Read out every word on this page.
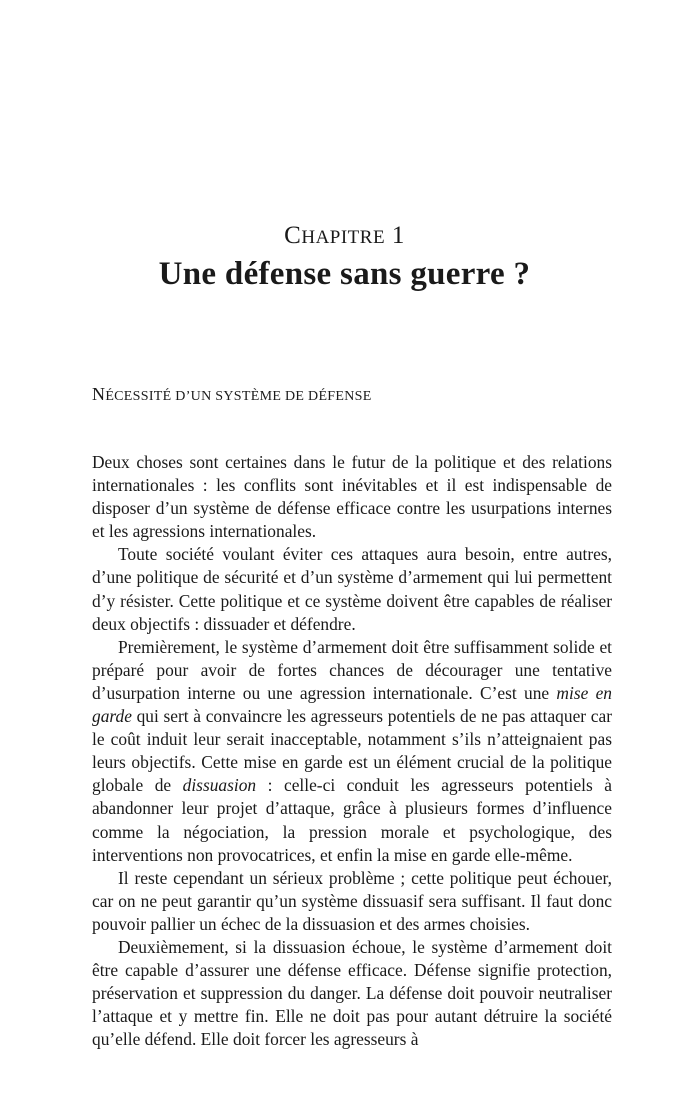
CHAPITRE 1
Une défense sans guerre ?
NÉCESSITÉ D’UN SYSTÈME DE DÉFENSE

Deux choses sont certaines dans le futur de la politique et des relations internationales : les conflits sont inévitables et il est indispensable de disposer d’un système de défense efficace contre les usurpations internes et les agressions internationales.

Toute société voulant éviter ces attaques aura besoin, entre autres, d’une politique de sécurité et d’un système d’armement qui lui permettent d’y résister. Cette politique et ce système doivent être capables de réaliser deux objectifs : dissuader et défendre.

Premièrement, le système d’armement doit être suffisamment solide et préparé pour avoir de fortes chances de décourager une tentative d’usurpation interne ou une agression internationale. C’est une mise en garde qui sert à convaincre les agresseurs potentiels de ne pas attaquer car le coût induit leur serait inacceptable, notamment s’ils n’atteignaient pas leurs objectifs. Cette mise en garde est un élément crucial de la politique globale de dissuasion : celle-ci conduit les agresseurs potentiels à abandonner leur projet d’attaque, grâce à plusieurs formes d’influence comme la négociation, la pression morale et psychologique, des interventions non provocatrices, et enfin la mise en garde elle-même.

Il reste cependant un sérieux problème ; cette politique peut échouer, car on ne peut garantir qu’un système dissuasif sera suffisant. Il faut donc pouvoir pallier un échec de la dissuasion et des armes choisies.

Deuxièmement, si la dissuasion échoue, le système d’armement doit être capable d’assurer une défense efficace. Défense signifie protection, préservation et suppression du danger. La défense doit pouvoir neutraliser l’attaque et y mettre fin. Elle ne doit pas pour autant détruire la société qu’elle défend. Elle doit forcer les agresseurs à
